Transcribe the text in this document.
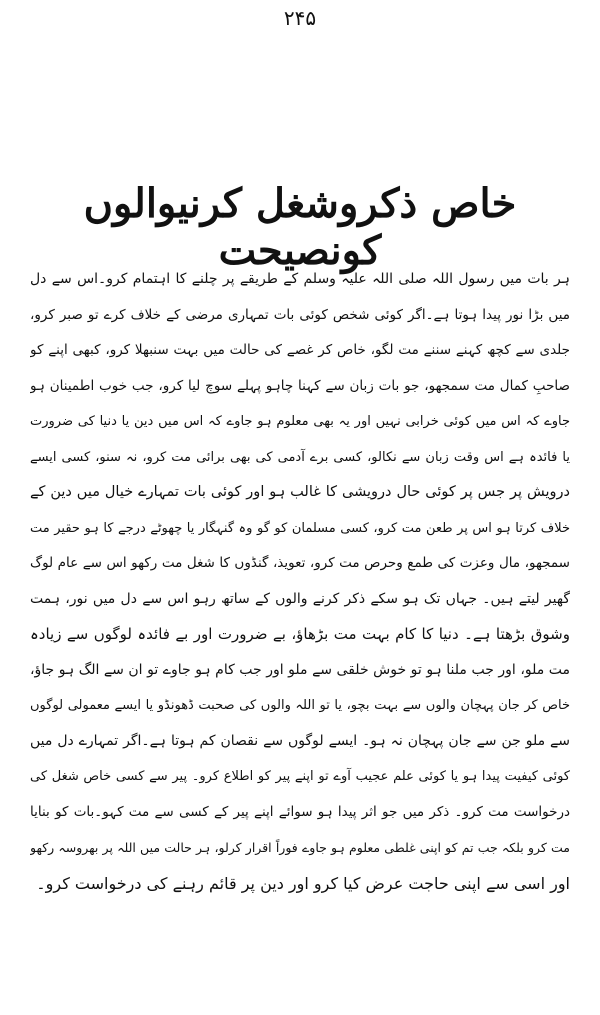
۲۴۵
خاص ذکروشغل کرنیوالوں کونصیحت
ہر بات میں رسول اللہ صلی اللہ علیہ وسلم کے طریقے پر چلنے کا اہتمام کرو۔اس سے دل
میں بڑا نور پیدا ہوتا ہے۔اگر کوئی شخص کوئی بات تمہاری مرضی کے خلاف کرے تو صبر کرو،
جلدی سے کچھ کہنے سننے مت لگو، خاص کر غصے کی حالت میں بہت سنبھلا کرو، کبھی اپنے کو
صاحبِ کمال مت سمجھو، جو بات زبان سے کہنا چاہو پہلے سوچ لیا کرو، جب خوب اطمینان ہو
جاوے کہ اس میں کوئی خرابی نہیں اور یہ بھی معلوم ہو جاوے کہ اس میں دین یا دنیا کی ضرورت
یا فائدہ ہے اس وقت زبان سے نکالو، کسی برے آدمی کی بھی برائی مت کرو، نہ سنو، کسی ایسے
درویش پر جس پر کوئی حال درویشی کا غالب ہو اور کوئی بات تمہارے خیال میں دین کے
خلاف کرتا ہو اس پر طعن مت کرو، کسی مسلمان کو گو وہ گنہگار یا چھوٹے درجے کا ہو حقیر مت
سمجھو، مال وعزت کی طمع وحرص مت کرو، تعویذ، گنڈوں کا شغل مت رکھو اس سے عام لوگ
گھیر لیتے ہیں۔ جہاں تک ہو سکے ذکر کرنے والوں کے ساتھ رہو اس سے دل میں نور، ہمت
وشوق بڑھتا ہے۔ دنیا کا کام بہت مت بڑھاؤ، بے ضرورت اور بے فائدہ لوگوں سے زیادہ
مت ملو، اور جب ملنا ہو تو خوش خلقی سے ملو اور جب کام ہو جاوے تو ان سے الگ ہو جاؤ،
خاص کر جان پہچان والوں سے بہت بچو، یا تو اللہ والوں کی صحبت ڈھونڈو یا ایسے معمولی لوگوں
سے ملو جن سے جان پہچان نہ ہو۔ ایسے لوگوں سے نقصان کم ہوتا ہے۔اگر تمہارے دل میں
کوئی کیفیت پیدا ہو یا کوئی علم عجیب آوے تو اپنے پیر کو اطلاع کرو۔ پیر سے کسی خاص شغل کی
درخواست مت کرو۔ ذکر میں جو اثر پیدا ہو سوائے اپنے پیر کے کسی سے مت کہو۔بات کو بنایا
مت کرو بلکہ جب تم کو اپنی غلطی معلوم ہو جاوے فوراً اقرار کرلو، ہر حالت میں اللہ پر بھروسہ رکھو
اور اسی سے اپنی حاجت عرض کیا کرو اور دین پر قائم رہنے کی درخواست کرو۔
